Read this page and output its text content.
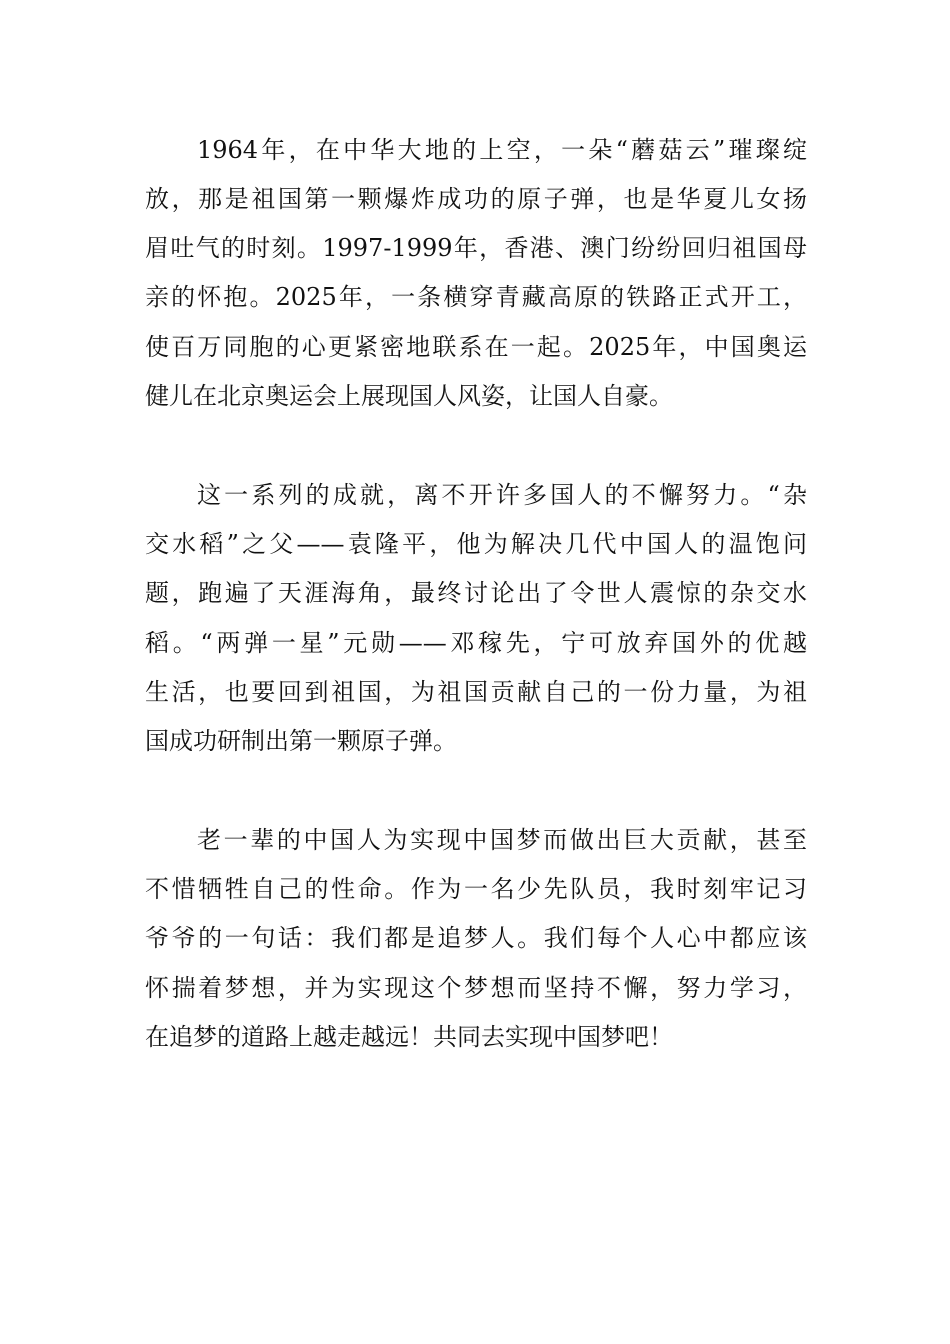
1964年，在中华大地的上空，一朵“蘑菇云”璀璨绽
放，那是祖国第一颗爆炸成功的原子弹，也是华夏儿女扬
眉吐气的时刻。1997-1999年，香港、澳门纷纷回归祖国母
亲的怀抱。2025年，一条横穿青藏高原的铁路正式开工，
使百万同胞的心更紧密地联系在一起。2025年，中国奥运
健儿在北京奥运会上展现国人风姿，让国人自豪。
这一系列的成就，离不开许多国人的不懈努力。“杂
交水稻”之父——袁隆平，他为解决几代中国人的温饱问
题，跑遍了天涯海角，最终讨论出了令世人震惊的杂交水
稻。“两弹一星”元勋——邓稼先，宁可放弃国外的优越
生活，也要回到祖国，为祖国贡献自己的一份力量，为祖
国成功研制出第一颗原子弹。
老一辈的中国人为实现中国梦而做出巨大贡献，甚至
不惜牺牲自己的性命。作为一名少先队员，我时刻牢记习
爷爷的一句话：我们都是追梦人。我们每个人心中都应该
怀揣着梦想，并为实现这个梦想而坚持不懈，努力学习，
在追梦的道路上越走越远！共同去实现中国梦吧！
